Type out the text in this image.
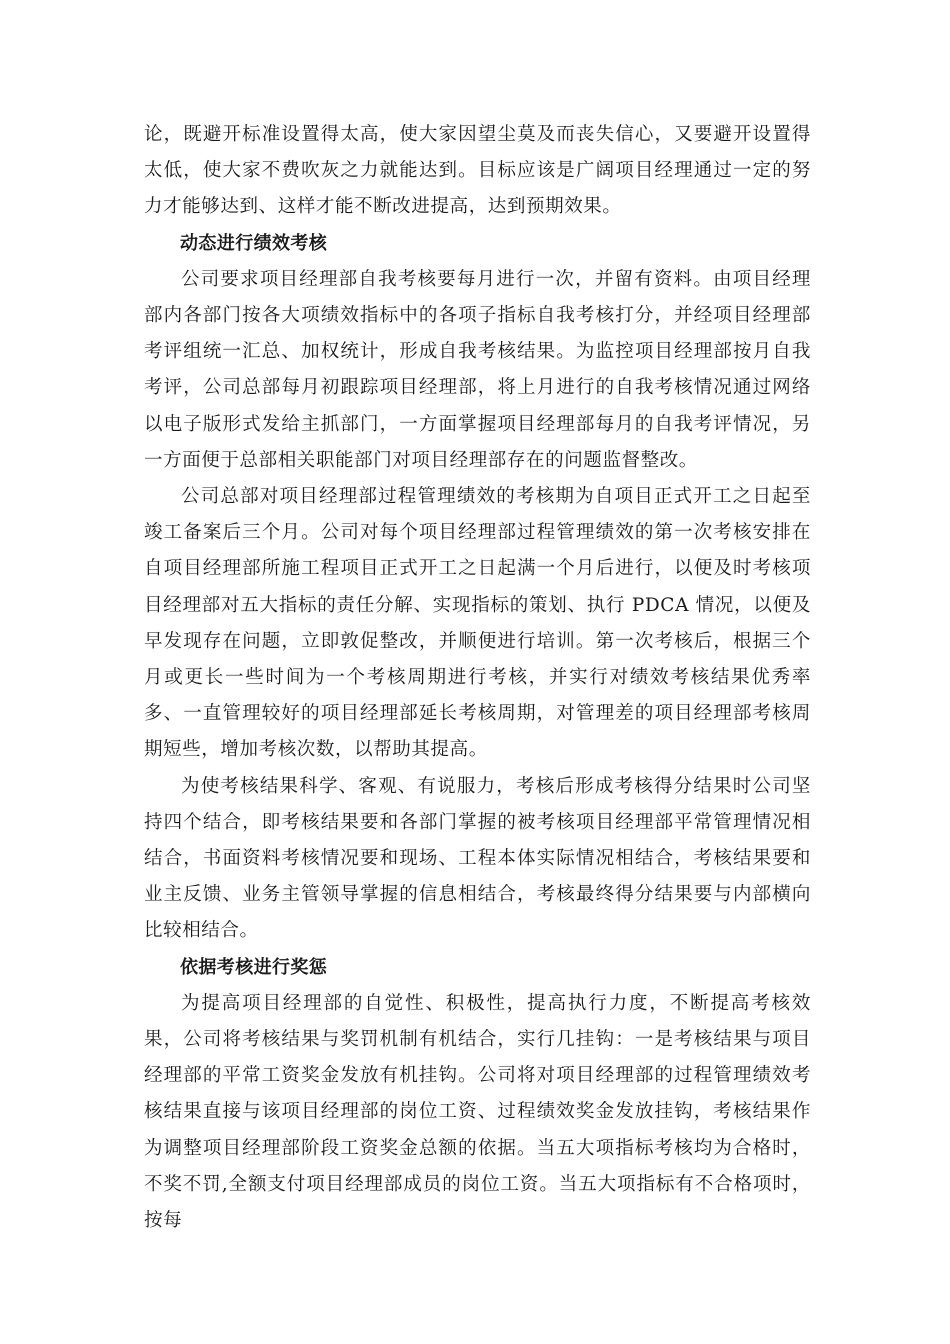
论，既避开标准设置得太高，使大家因望尘莫及而丧失信心，又要避开设置得太低，使大家不费吹灰之力就能达到。目标应该是广阔项目经理通过一定的努力才能够达到、这样才能不断改进提高，达到预期效果。

动态进行绩效考核

公司要求项目经理部自我考核要每月进行一次，并留有资料。由项目经理部内各部门按各大项绩效指标中的各项子指标自我考核打分，并经项目经理部考评组统一汇总、加权统计，形成自我考核结果。为监控项目经理部按月自我考评，公司总部每月初跟踪项目经理部，将上月进行的自我考核情况通过网络以电子版形式发给主抓部门，一方面掌握项目经理部每月的自我考评情况，另一方面便于总部相关职能部门对项目经理部存在的问题监督整改。

公司总部对项目经理部过程管理绩效的考核期为自项目正式开工之日起至竣工备案后三个月。公司对每个项目经理部过程管理绩效的第一次考核安排在自项目经理部所施工程项目正式开工之日起满一个月后进行，以便及时考核项目经理部对五大指标的责任分解、实现指标的策划、执行 PDCA 情况，以便及早发现存在问题，立即敦促整改，并顺便进行培训。第一次考核后，根据三个月或更长一些时间为一个考核周期进行考核，并实行对绩效考核结果优秀率多、一直管理较好的项目经理部延长考核周期，对管理差的项目经理部考核周期短些，增加考核次数，以帮助其提高。

为使考核结果科学、客观、有说服力，考核后形成考核得分结果时公司坚持四个结合，即考核结果要和各部门掌握的被考核项目经理部平常管理情况相结合，书面资料考核情况要和现场、工程本体实际情况相结合，考核结果要和业主反馈、业务主管领导掌握的信息相结合，考核最终得分结果要与内部横向比较相结合。

依据考核进行奖惩

为提高项目经理部的自觉性、积极性，提高执行力度，不断提高考核效果，公司将考核结果与奖罚机制有机结合，实行几挂钩：一是考核结果与项目经理部的平常工资奖金发放有机挂钩。公司将对项目经理部的过程管理绩效考核结果直接与该项目经理部的岗位工资、过程绩效奖金发放挂钩，考核结果作为调整项目经理部阶段工资奖金总额的依据。当五大项指标考核均为合格时，不奖不罚,全额支付项目经理部成员的岗位工资。当五大项指标有不合格项时，按每
